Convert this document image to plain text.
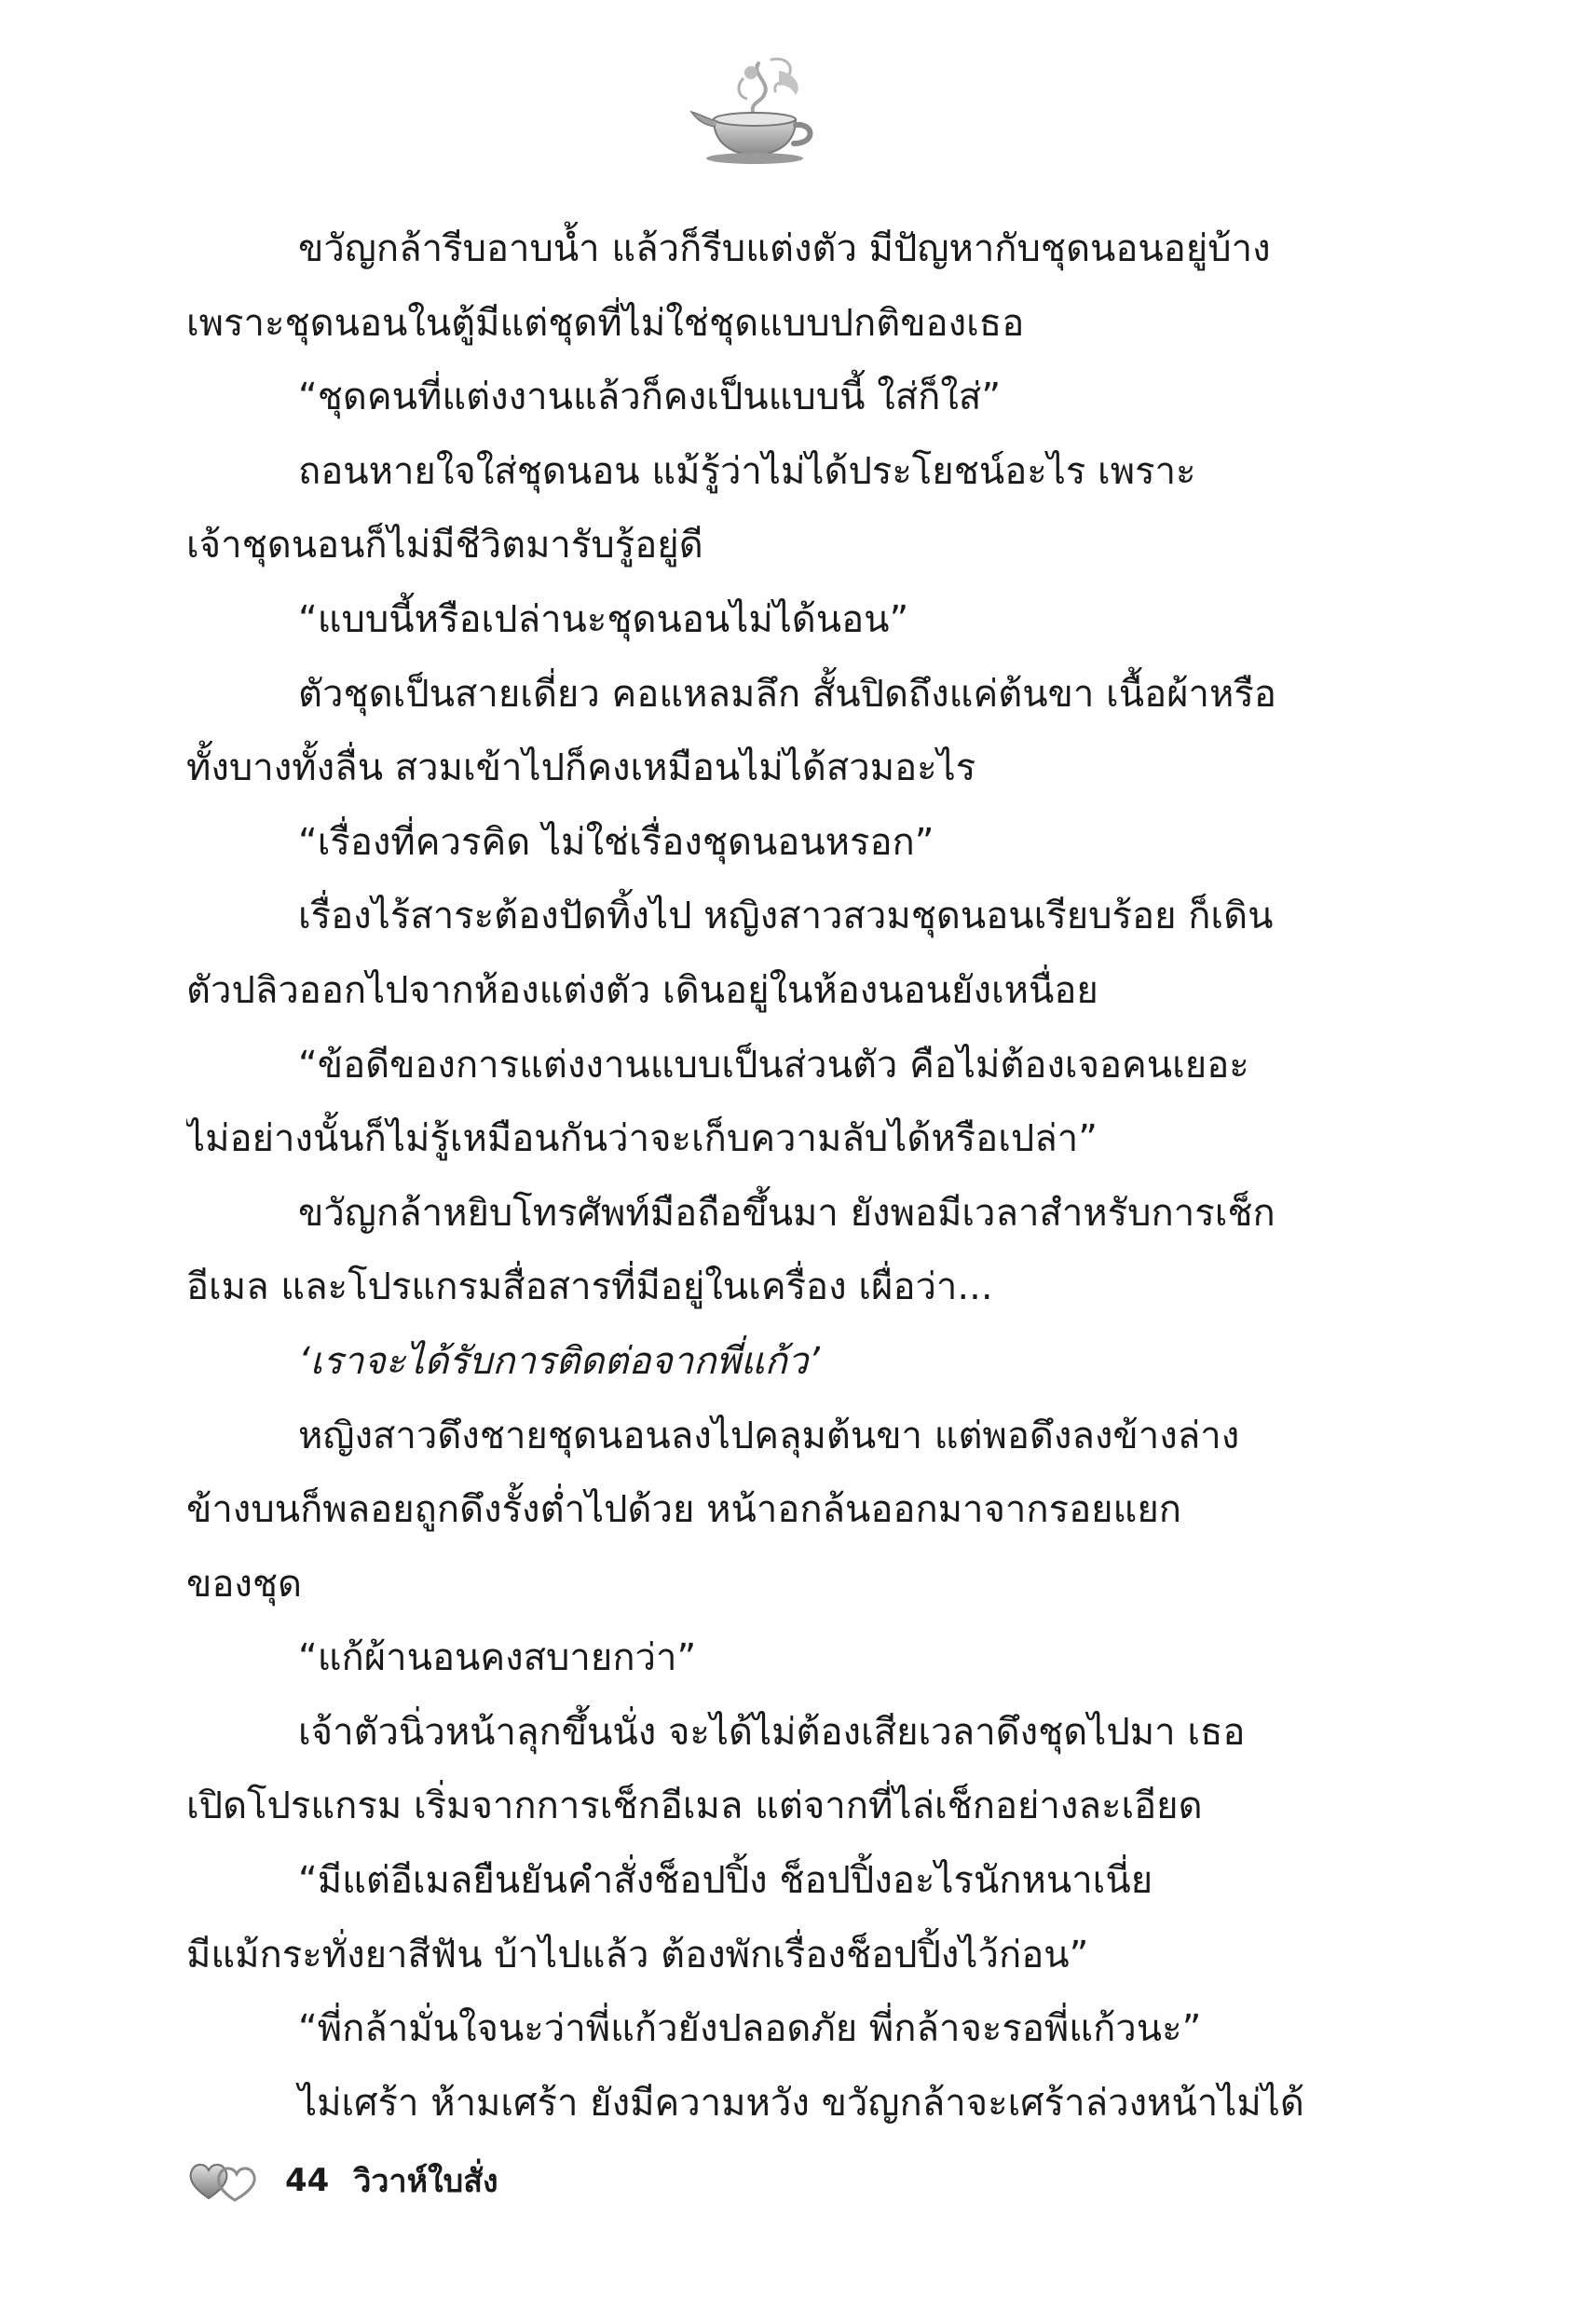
ขวัญกล้ารีบอาบน้ำ แล้วก็รีบแต่งตัว มีปัญหากับชุดนอนอยู่บ้าง

เพราะชุดนอนในตู้มีแต่ชุดที่ไม่ใช่ชุดแบบปกติของเธอ

“ชุดคนที่แต่งงานแล้วก็คงเป็นแบบนี้ ใส่ก็ใส่”

ถอนหายใจใส่ชุดนอน แม้รู้ว่าไม่ได้ประโยชน์อะไร เพราะ

เจ้าชุดนอนก็ไม่มีชีวิตมารับรู้อยู่ดี

“แบบนี้หรือเปล่านะชุดนอนไม่ได้นอน”

ตัวชุดเป็นสายเดี่ยว คอแหลมลึก สั้นปิดถึงแค่ต้นขา เนื้อผ้าหรือ

ทั้งบางทั้งลื่น สวมเข้าไปก็คงเหมือนไม่ได้สวมอะไร

“เรื่องที่ควรคิด ไม่ใช่เรื่องชุดนอนหรอก”

เรื่องไร้สาระต้องปัดทิ้งไป หญิงสาวสวมชุดนอนเรียบร้อย ก็เดิน

ตัวปลิวออกไปจากห้องแต่งตัว เดินอยู่ในห้องนอนยังเหนื่อย

“ข้อดีของการแต่งงานแบบเป็นส่วนตัว คือไม่ต้องเจอคนเยอะ

ไม่อย่างนั้นก็ไม่รู้เหมือนกันว่าจะเก็บความลับได้หรือเปล่า”

ขวัญกล้าหยิบโทรศัพท์มือถือขึ้นมา ยังพอมีเวลาสำหรับการเช็ก

อีเมล และโปรแกรมสื่อสารที่มีอยู่ในเครื่อง เผื่อว่า...

‘เราจะได้รับการติดต่อจากพี่แก้ว’

หญิงสาวดึงชายชุดนอนลงไปคลุมต้นขา แต่พอดึงลงข้างล่าง

ข้างบนก็พลอยถูกดึงรั้งต่ำไปด้วย หน้าอกล้นออกมาจากรอยแยก

ของชุด

“แก้ผ้านอนคงสบายกว่า”

เจ้าตัวนิ่วหน้าลุกขึ้นนั่ง จะได้ไม่ต้องเสียเวลาดึงชุดไปมา เธอ

เปิดโปรแกรม เริ่มจากการเช็กอีเมล แต่จากที่ไล่เช็กอย่างละเอียด

“มีแต่อีเมลยืนยันคำสั่งช็อปปิ้ง ช็อปปิ้งอะไรนักหนาเนี่ย

มีแม้กระทั่งยาสีฟัน บ้าไปแล้ว ต้องพักเรื่องช็อปปิ้งไว้ก่อน”

“พี่กล้ามั่นใจนะว่าพี่แก้วยังปลอดภัย พี่กล้าจะรอพี่แก้วนะ”

ไม่เศร้า ห้ามเศร้า ยังมีความหวัง ขวัญกล้าจะเศร้าล่วงหน้าไม่ได้

44 วิวาห์ใบสั่ง
